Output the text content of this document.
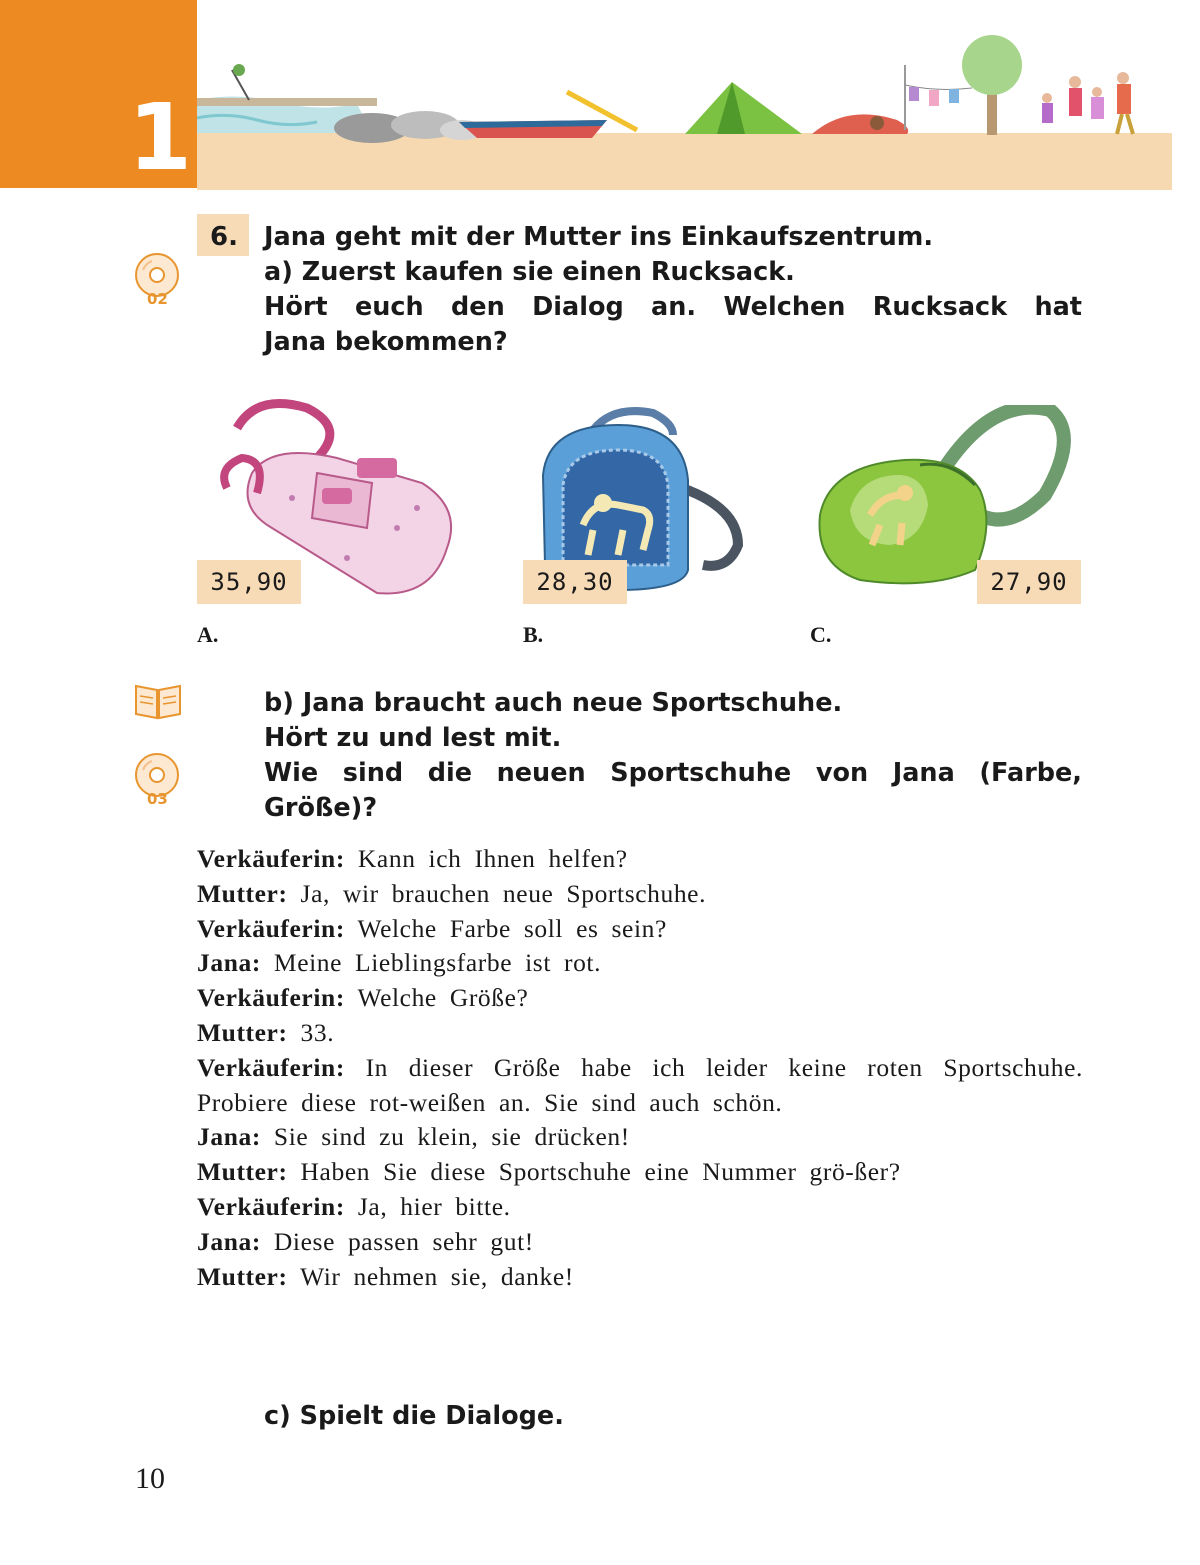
1
02
6. Jana geht mit der Mutter ins Einkaufszentrum.
a) Zuerst kaufen sie einen Rucksack.
Hört euch den Dialog an. Welchen Rucksack hat
Jana bekommen?
35,90	28,30	27,90
A.	B.	C.
03
b) Jana braucht auch neue Sportschuhe.
Hört zu und lest mit.
Wie sind die neuen Sportschuhe von Jana (Farbe,
Größe)?

Verkäuferin: Kann ich Ihnen helfen?

Mutter: Ja, wir brauchen neue Sportschuhe.

Verkäuferin: Welche Farbe soll es sein?

Jana: Meine Lieblingsfarbe ist rot.

Verkäuferin: Welche Größe?

Mutter: 33.

Verkäuferin: In dieser Größe habe ich leider keine roten Sportschuhe. Probiere diese rot-weißen an. Sie sind auch schön.

Jana: Sie sind zu klein, sie drücken!

Mutter: Haben Sie diese Sportschuhe eine Nummer grö-ßer?

Verkäuferin: Ja, hier bitte.

Jana: Diese passen sehr gut!

Mutter: Wir nehmen sie, danke!

c) Spielt die Dialoge.
10
